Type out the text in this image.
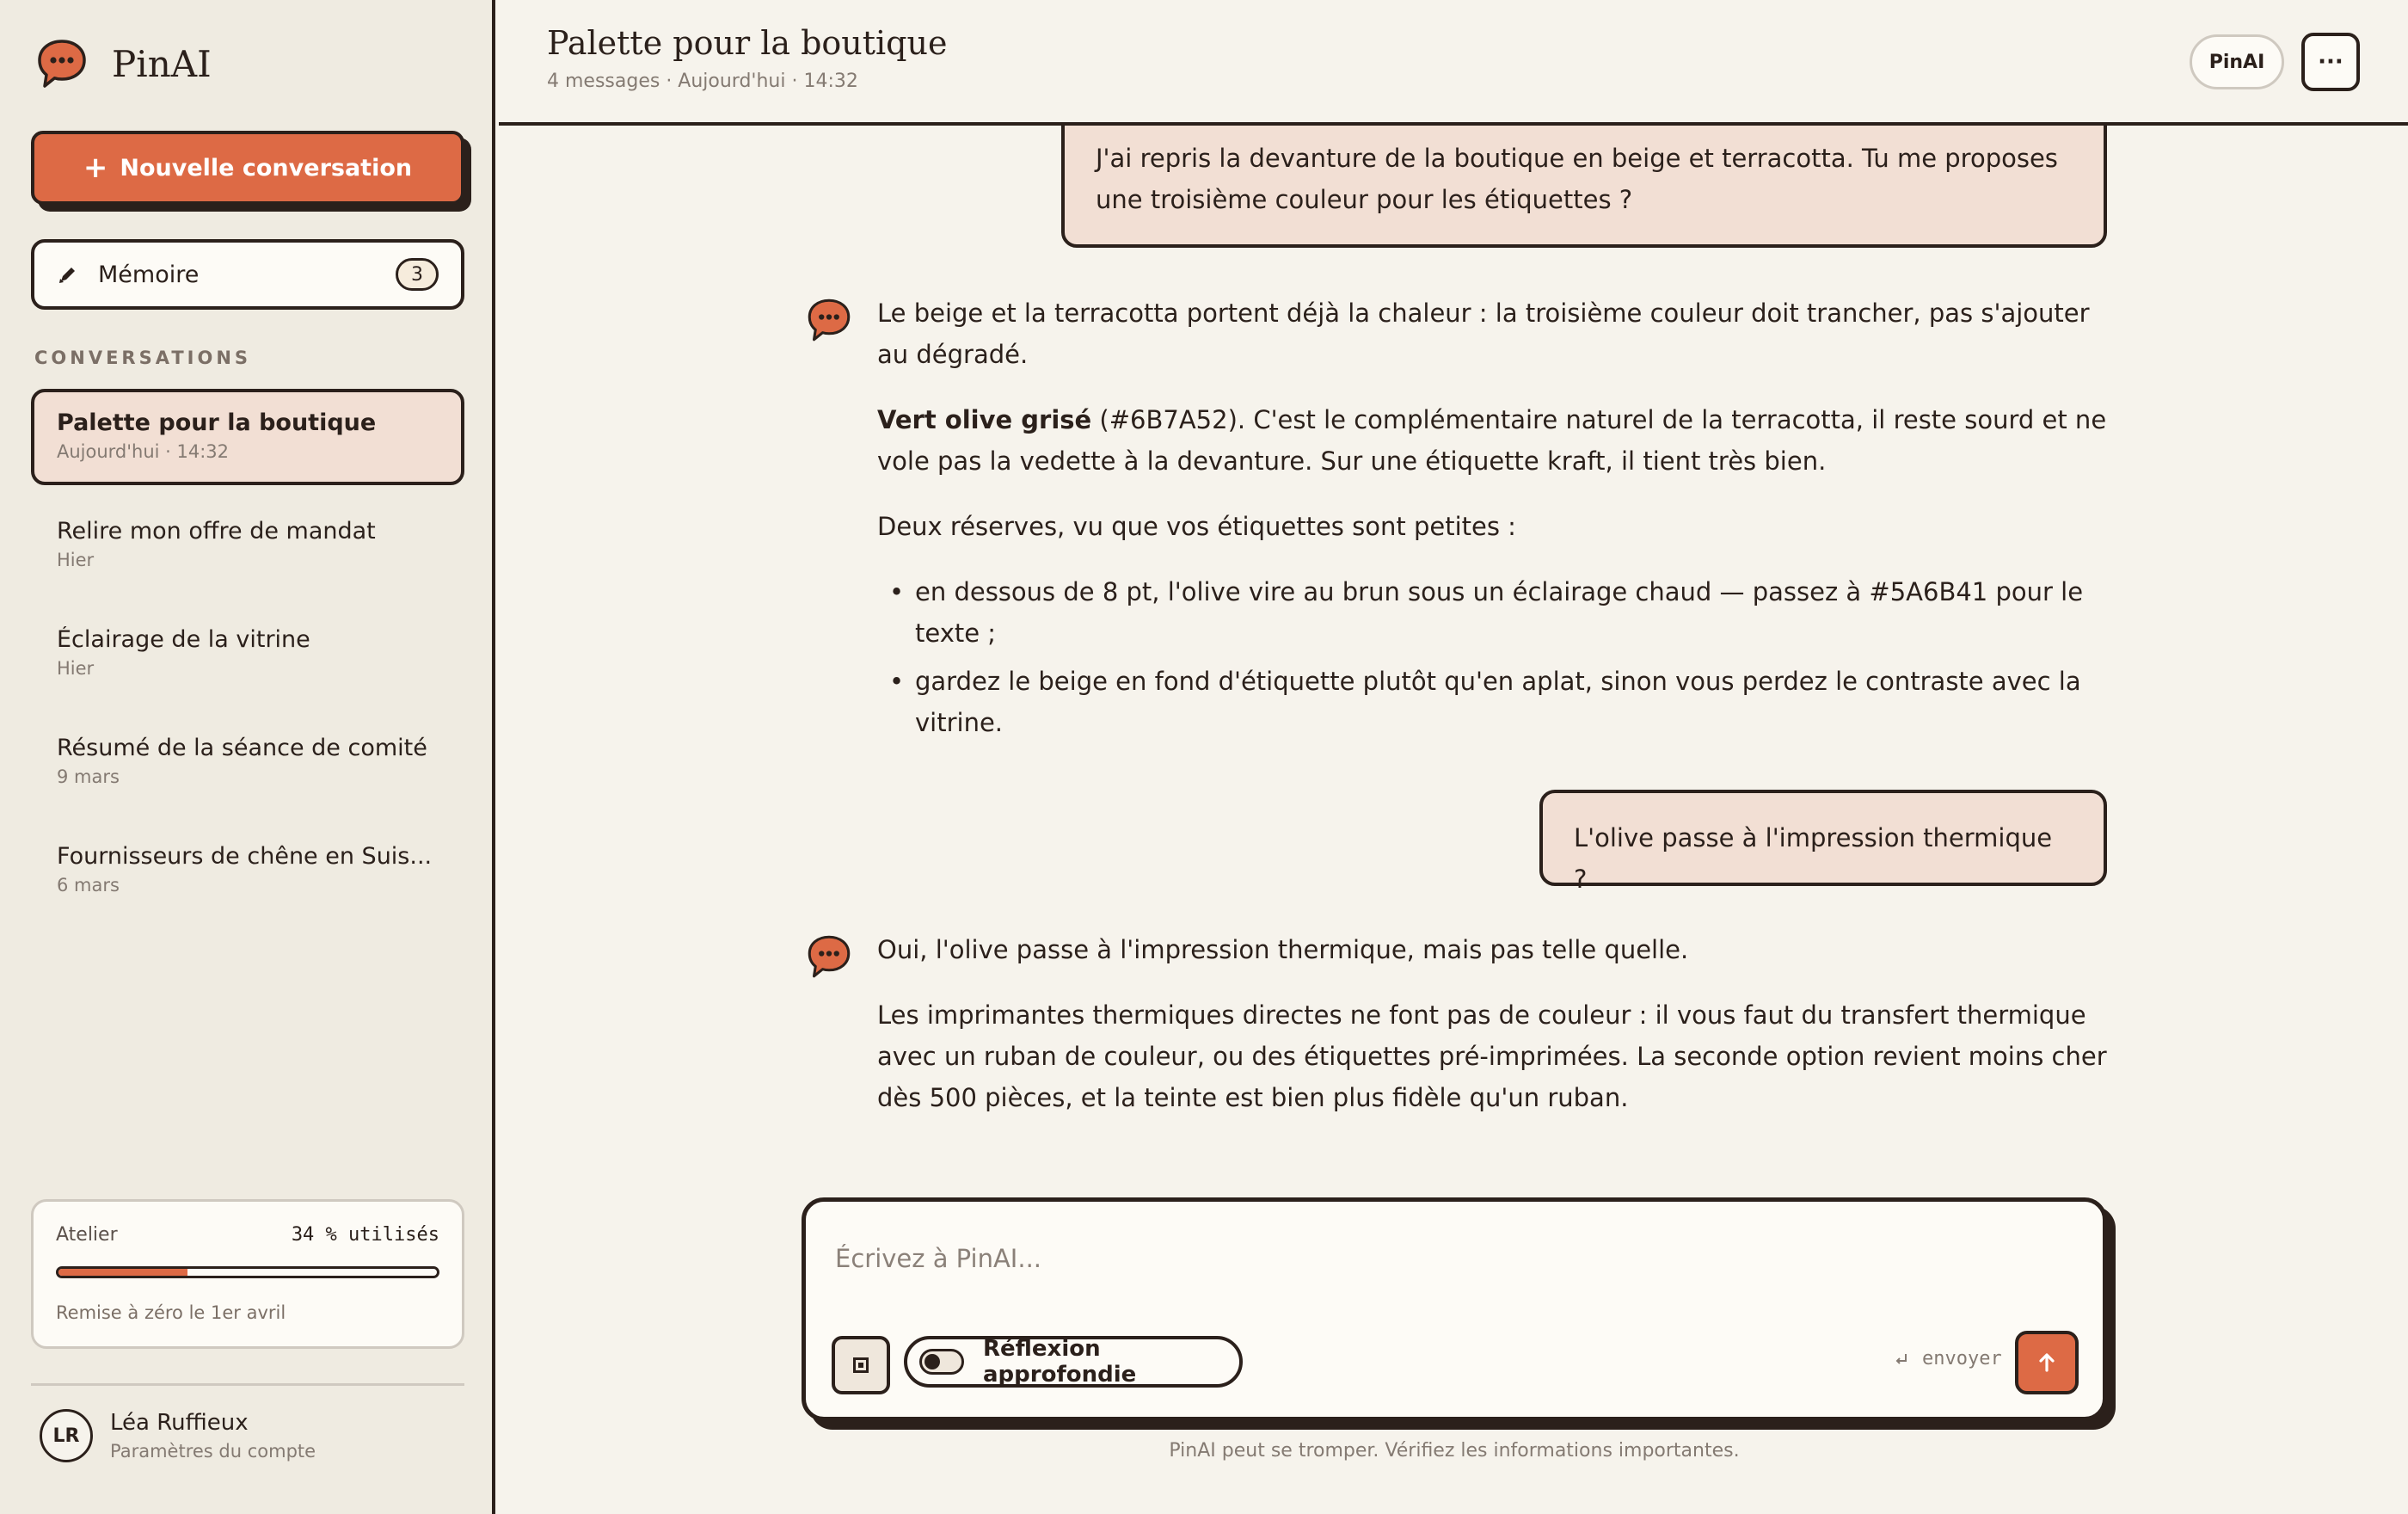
PinAI
+ Nouvelle conversation
Mémoire	3
CONVERSATIONS
Palette pour la boutique
Aujourd'hui · 14:32
Relire mon offre de mandat
Hier
Éclairage de la vitrine
Hier
Résumé de la séance de comité
9 mars
Fournisseurs de chêne en Suis...
6 mars
Atelier	34 % utilisés
Remise à zéro le 1er avril
LR	Léa Ruffieux
Paramètres du compte
Palette pour la boutique
4 messages · Aujourd'hui · 14:32
PinAI	···
J'ai repris la devanture de la boutique en beige et terracotta. Tu me proposes une troisième couleur pour les étiquettes ?

Le beige et la terracotta portent déjà la chaleur : la troisième couleur doit trancher, pas s'ajouter au dégradé.

Vert olive grisé (#6B7A52). C'est le complémentaire naturel de la terracotta, il reste sourd et ne vole pas la vedette à la devanture. Sur une étiquette kraft, il tient très bien.

Deux réserves, vu que vos étiquettes sont petites :

• en dessous de 8 pt, l'olive vire au brun sous un éclairage chaud — passez à #5A6B41 pour le texte ;
• gardez le beige en fond d'étiquette plutôt qu'en aplat, sinon vous perdez le contraste avec la vitrine.
L'olive passe à l'impression thermique ?

Oui, l'olive passe à l'impression thermique, mais pas telle quelle.

Les imprimantes thermiques directes ne font pas de couleur : il vous faut du transfert thermique avec un ruban de couleur, ou des étiquettes pré-imprimées. La seconde option revient moins cher dès 500 pièces, et la teinte est bien plus fidèle qu'un ruban.

Écrivez à PinAI...
Réflexion approfondie
envoyer
PinAI peut se tromper. Vérifiez les informations importantes.
